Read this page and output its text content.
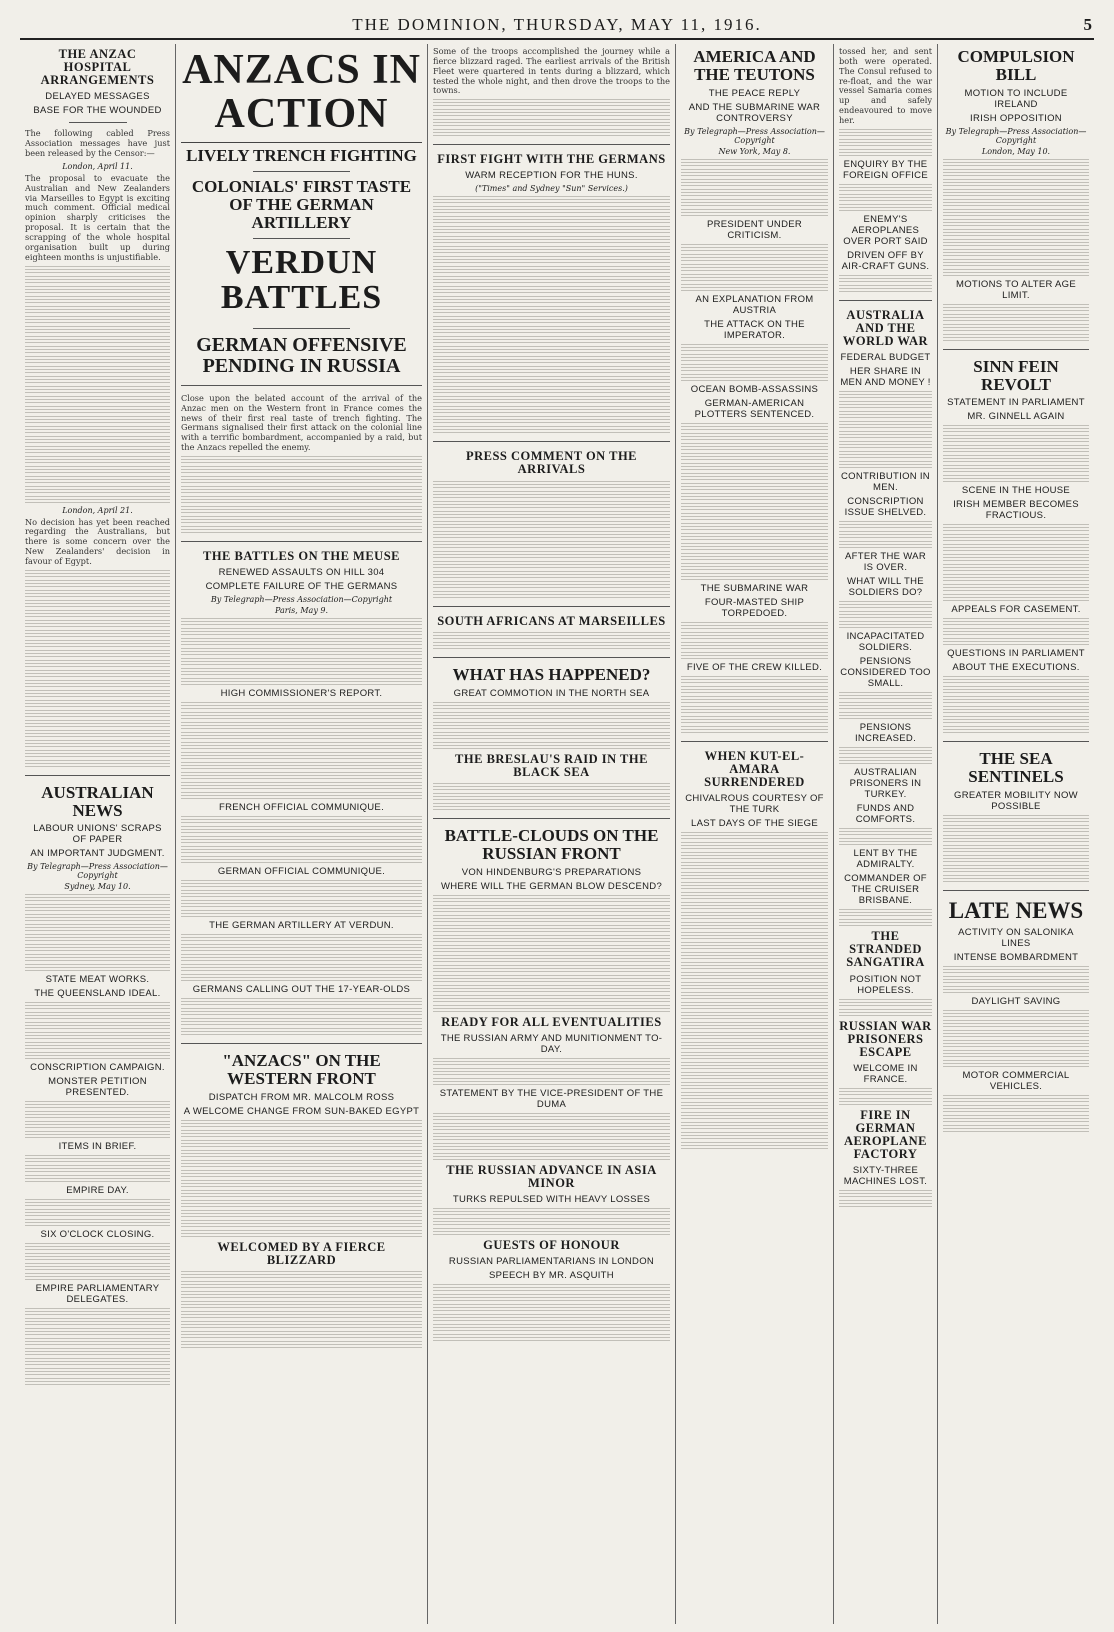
THE DOMINION, THURSDAY, MAY 11, 1916.	5
THE ANZAC HOSPITAL ARRANGEMENTS
DELAYED MESSAGES
BASE FOR THE WOUNDED
The following cabled Press Association messages have just been released by the Censor:—
London, April 11.
The proposal to evacuate the Australian and New Zealanders via Marseilles to Egypt is exciting much comment. Official medical opinion sharply criticises the proposal. It is certain that the scrapping of the whole hospital organisation built up during eighteen months is unjustifiable.
London, April 21.
No decision has yet been reached regarding the Australians, but there is some concern over the New Zealanders' decision in favour of Egypt.
AUSTRALIAN NEWS
LABOUR UNIONS' SCRAPS OF PAPER
AN IMPORTANT JUDGMENT.
By Telegraph—Press Association—Copyright
Sydney, May 10.
STATE MEAT WORKS.
THE QUEENSLAND IDEAL.
CONSCRIPTION CAMPAIGN.
MONSTER PETITION PRESENTED.
ITEMS IN BRIEF.
EMPIRE DAY.
SIX O'CLOCK CLOSING.
EMPIRE PARLIAMENTARY DELEGATES.
ANZACS IN ACTION
LIVELY TRENCH FIGHTING
COLONIALS' FIRST TASTE OF THE GERMAN ARTILLERY
VERDUN BATTLES
GERMAN OFFENSIVE PENDING IN RUSSIA
Close upon the belated account of the arrival of the Anzac men on the Western front in France comes the news of their first real taste of trench fighting. The Germans signalised their first attack on the colonial line with a terrific bombardment, accompanied by a raid, but the Anzacs repelled the enemy.
THE BATTLES ON THE MEUSE
RENEWED ASSAULTS ON HILL 304
COMPLETE FAILURE OF THE GERMANS
By Telegraph—Press Association—Copyright
Paris, May 9.
HIGH COMMISSIONER'S REPORT.
FRENCH OFFICIAL COMMUNIQUE.
GERMAN OFFICIAL COMMUNIQUE.
THE GERMAN ARTILLERY AT VERDUN.
GERMANS CALLING OUT THE 17-YEAR-OLDS
"ANZACS" ON THE WESTERN FRONT
DISPATCH FROM MR. MALCOLM ROSS
A WELCOME CHANGE FROM SUN-BAKED EGYPT
WELCOMED BY A FIERCE BLIZZARD
Some of the troops accomplished the journey while a fierce blizzard raged. The earliest arrivals of the British Fleet were quartered in tents during a blizzard, which tested the whole night, and then drove the troops to the towns.
FIRST FIGHT WITH THE GERMANS
WARM RECEPTION FOR THE HUNS.
("Times" and Sydney "Sun" Services.)
PRESS COMMENT ON THE ARRIVALS
SOUTH AFRICANS AT MARSEILLES
WHAT HAS HAPPENED?
GREAT COMMOTION IN THE NORTH SEA
THE BRESLAU'S RAID IN THE BLACK SEA
BATTLE-CLOUDS ON THE RUSSIAN FRONT
VON HINDENBURG'S PREPARATIONS
WHERE WILL THE GERMAN BLOW DESCEND?
READY FOR ALL EVENTUALITIES
THE RUSSIAN ARMY AND MUNITIONMENT TO-DAY.
STATEMENT BY THE VICE-PRESIDENT OF THE DUMA
THE RUSSIAN ADVANCE IN ASIA MINOR
TURKS REPULSED WITH HEAVY LOSSES
GUESTS OF HONOUR
RUSSIAN PARLIAMENTARIANS IN LONDON
SPEECH BY MR. ASQUITH
AMERICA AND THE TEUTONS
THE PEACE REPLY
AND THE SUBMARINE WAR CONTROVERSY
By Telegraph—Press Association—Copyright
New York, May 8.
PRESIDENT UNDER CRITICISM.
AN EXPLANATION FROM AUSTRIA
THE ATTACK ON THE IMPERATOR.
OCEAN BOMB-ASSASSINS
GERMAN-AMERICAN PLOTTERS SENTENCED.
THE SUBMARINE WAR
FOUR-MASTED SHIP TORPEDOED.
FIVE OF THE CREW KILLED.
WHEN KUT-EL-AMARA SURRENDERED
CHIVALROUS COURTESY OF THE TURK
LAST DAYS OF THE SIEGE
tossed her, and sent both were operated. The Consul refused to re-float, and the war vessel Samaria comes up and safely endeavoured to move her.
ENQUIRY BY THE FOREIGN OFFICE
ENEMY'S AEROPLANES OVER PORT SAID
DRIVEN OFF BY AIR-CRAFT GUNS.
AUSTRALIA AND THE WORLD WAR
FEDERAL BUDGET
HER SHARE IN MEN AND MONEY !
CONTRIBUTION IN MEN.
CONSCRIPTION ISSUE SHELVED.
AFTER THE WAR IS OVER.
WHAT WILL THE SOLDIERS DO?
INCAPACITATED SOLDIERS.
PENSIONS CONSIDERED TOO SMALL.
PENSIONS INCREASED.
AUSTRALIAN PRISONERS IN TURKEY.
FUNDS AND COMFORTS.
LENT BY THE ADMIRALTY.
COMMANDER OF THE CRUISER BRISBANE.
THE STRANDED SANGATIRA
POSITION NOT HOPELESS.
RUSSIAN WAR PRISONERS ESCAPE
WELCOME IN FRANCE.
FIRE IN GERMAN AEROPLANE FACTORY
SIXTY-THREE MACHINES LOST.
COMPULSION BILL
MOTION TO INCLUDE IRELAND
IRISH OPPOSITION
By Telegraph—Press Association—Copyright
London, May 10.
MOTIONS TO ALTER AGE LIMIT.
SINN FEIN REVOLT
STATEMENT IN PARLIAMENT
MR. GINNELL AGAIN
SCENE IN THE HOUSE
IRISH MEMBER BECOMES FRACTIOUS.
APPEALS FOR CASEMENT.
QUESTIONS IN PARLIAMENT
ABOUT THE EXECUTIONS.
THE SEA SENTINELS
GREATER MOBILITY NOW POSSIBLE
LATE NEWS
ACTIVITY ON SALONIKA LINES
INTENSE BOMBARDMENT
DAYLIGHT SAVING
MOTOR COMMERCIAL VEHICLES.
